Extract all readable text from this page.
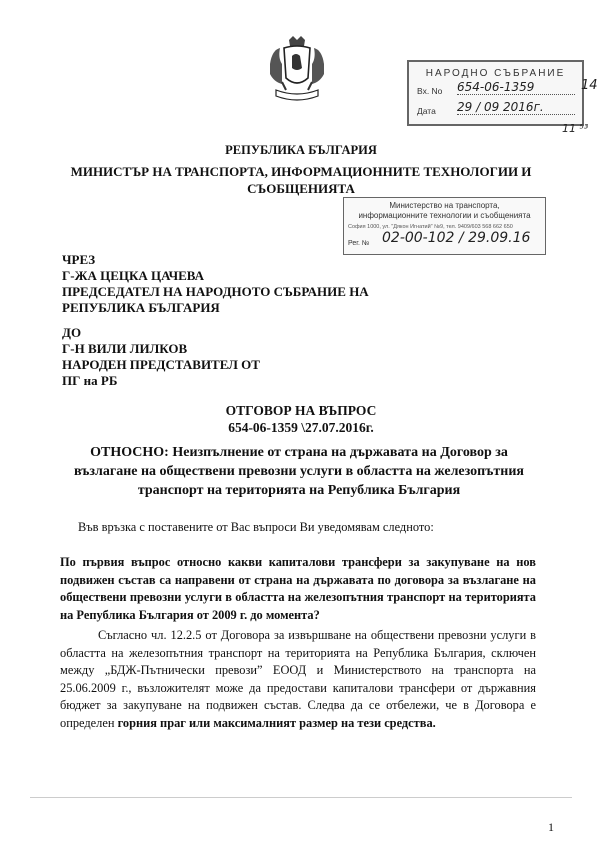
НАРОДНО СЪБРАНИЕ
Вх. No 654-06-1359
Дата 29 / 09 2016г.
14
11 ⁵³
РЕПУБЛИКА БЪЛГАРИЯ
МИНИСТЪР НА ТРАНСПОРТА, ИНФОРМАЦИОННИТЕ ТЕХНОЛОГИИ И СЪОБЩЕНИЯТА
Министерство на транспорта,
информационните технологии и съобщенията
София 1000, ул. "Дякон Игнатий" №9, тел. 9409/603 568 662 650
Рег. № 02-00-102 / 29.09.16
ЧРЕЗ
Г-ЖА ЦЕЦКА ЦАЧЕВА
ПРЕДСЕДАТЕЛ НА НАРОДНОТО СЪБРАНИЕ НА
РЕПУБЛИКА БЪЛГАРИЯ
ДО
Г-Н ВИЛИ ЛИЛКОВ
НАРОДЕН ПРЕДСТАВИТЕЛ ОТ
ПГ на РБ
ОТГОВОР НА ВЪПРОС
654-06-1359 \27.07.2016г.
ОТНОСНО: Неизпълнение от страна на държавата на Договор за възлагане на обществени превозни услуги в областта на железопътния транспорт на територията на Република България
Във връзка с поставените от Вас въпроси Ви уведомявам следното:
По първия въпрос относно какви капиталови трансфери за закупуване на нов подвижен състав са направени от страна на държавата по договора за възлагане на обществени превозни услуги в областта на железопътния транспорт на територията на Република България от 2009 г. до момента?
Съгласно чл. 12.2.5 от Договора за извършване на обществени превозни услуги в областта на железопътния транспорт на територията на Република България, сключен между „БДЖ-Пътнически превози” ЕООД и Министерството на транспорта на 25.06.2009 г., възложителят може да предостави капиталови трансфери от държавния бюджет за закупуване на подвижен състав. Следва да се отбележи, че в Договора е определен горния праг или максималният размер на тези средства.
1
